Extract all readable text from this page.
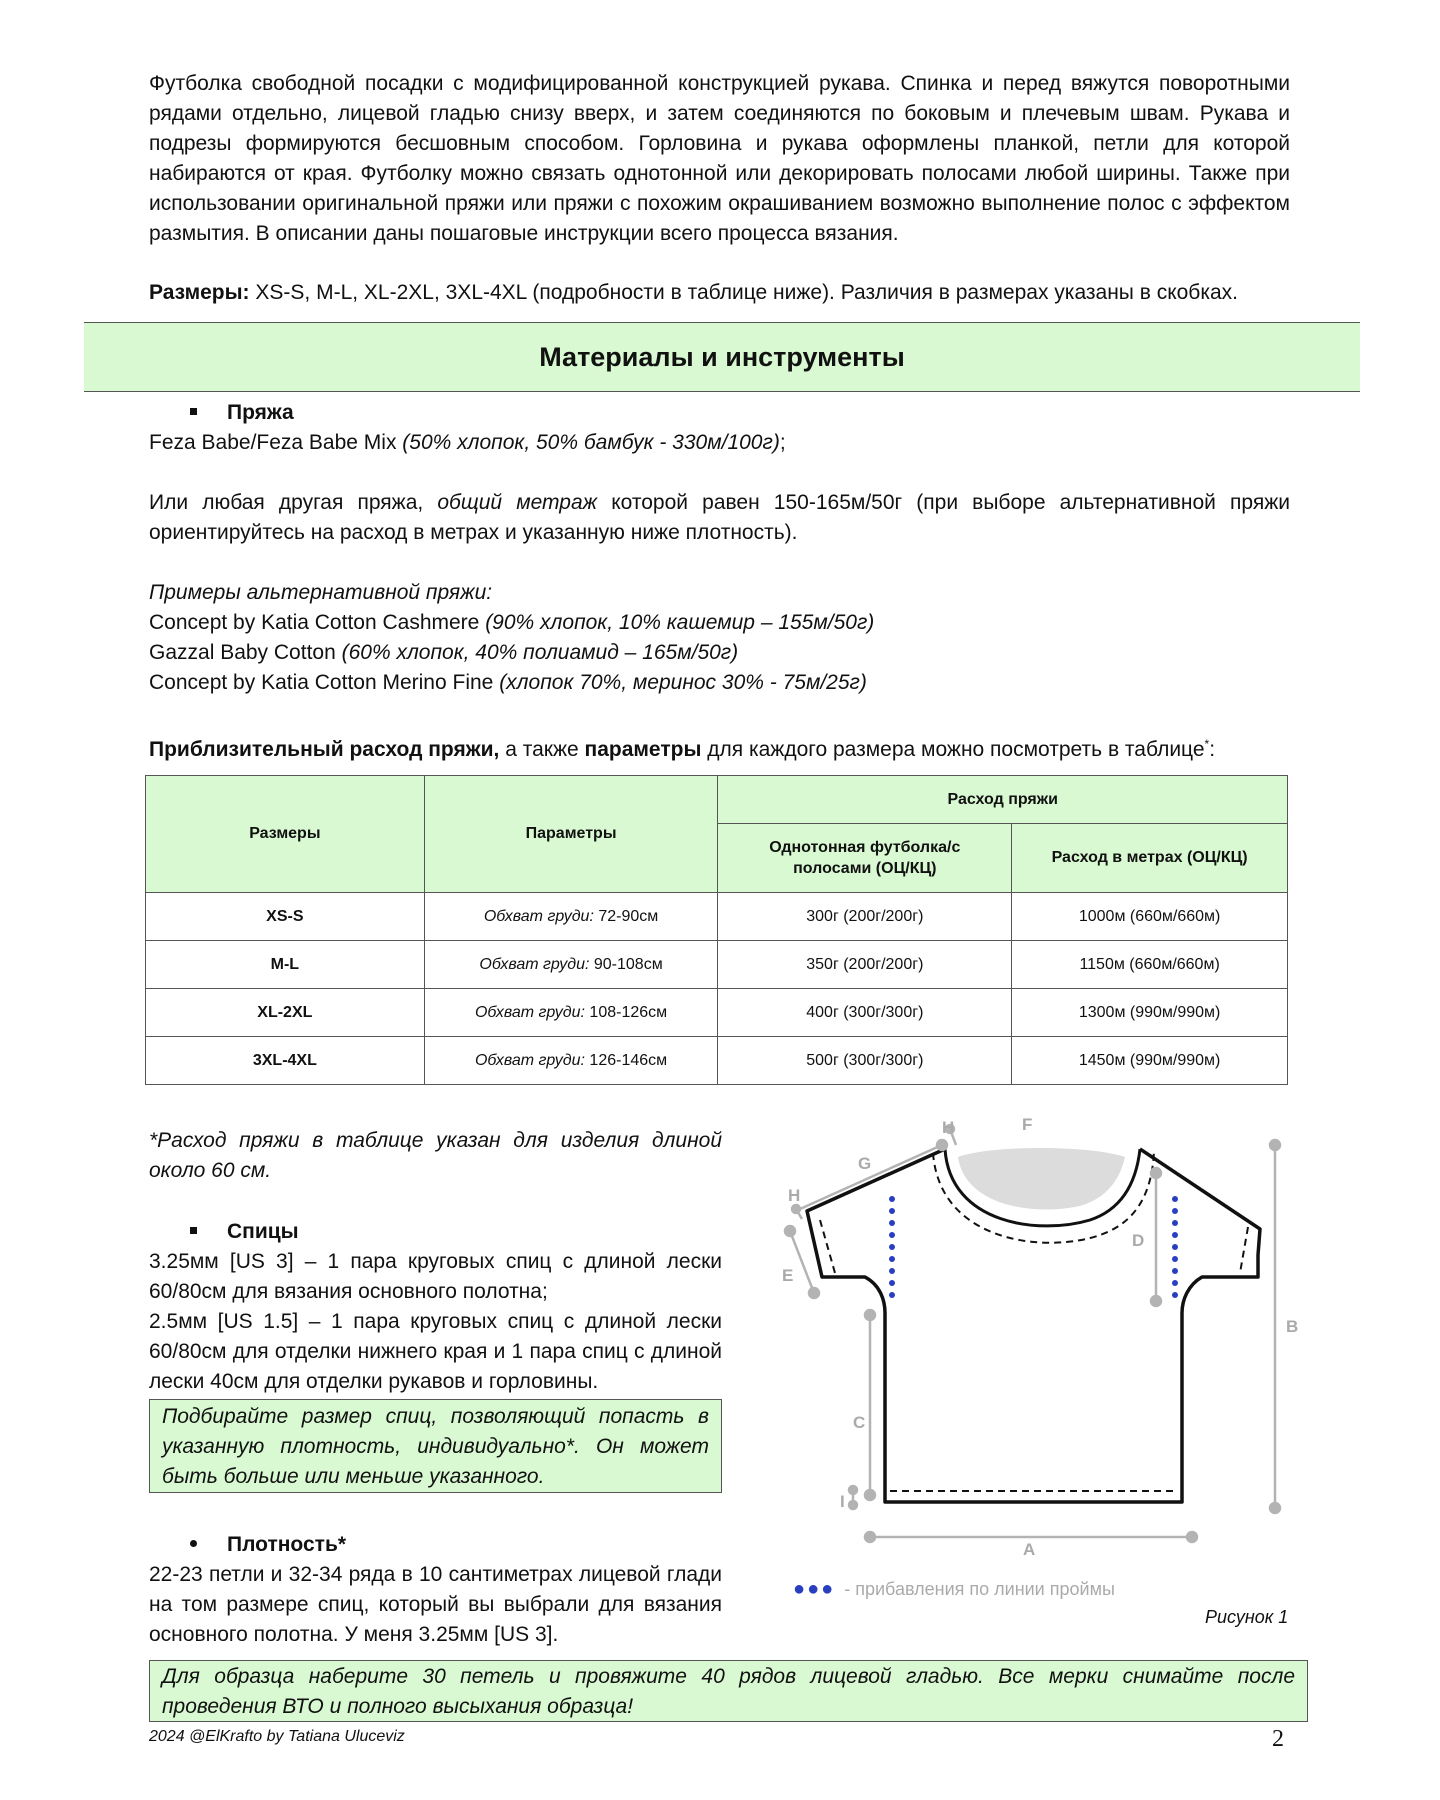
Футболка свободной посадки с модифицированной конструкцией рукава. Спинка и перед вяжутся поворотными рядами отдельно, лицевой гладью снизу вверх, и затем соединяются по боковым и плечевым швам. Рукава и подрезы формируются бесшовным способом. Горловина и рукава оформлены планкой, петли для которой набираются от края. Футболку можно связать однотонной или декорировать полосами любой ширины. Также при использовании оригинальной пряжи или пряжи с похожим окрашиванием возможно выполнение полос с эффектом размытия. В описании даны пошаговые инструкции всего процесса вязания.

Размеры: XS-S, M-L, XL-2XL, 3XL-4XL (подробности в таблице ниже). Различия в размерах указаны в скобках.
Материалы и инструменты
Пряжа
Feza Babe/Feza Babe Mix (50% хлопок, 50% бамбук - 330м/100г);
Или любая другая пряжа, общий метраж которой равен 150-165м/50г (при выборе альтернативной пряжи ориентируйтесь на расход в метрах и указанную ниже плотность).
Примеры альтернативной пряжи:
Concept by Katia Cotton Cashmere (90% хлопок, 10% кашемир – 155м/50г)
Gazzal Baby Cotton (60% хлопок, 40% полиамид – 165м/50г)
Concept by Katia Cotton Merino Fine (хлопок 70%, меринос 30% - 75м/25г)
Приблизительный расход пряжи, а также параметры для каждого размера можно посмотреть в таблице*:
Размеры	Параметры	Расход пряжи	
		Однотонная футболка/с полосами (ОЦ/КЦ)	Расход в метрах (ОЦ/КЦ)
XS-S	Обхват груди: 72-90см	300г (200г/200г)	1000м (660м/660м)
M-L	Обхват груди: 90-108см	350г (200г/200г)	1150м (660м/660м)
XL-2XL	Обхват груди: 108-126см	400г (300г/300г)	1300м (990м/990м)
3XL-4XL	Обхват груди: 126-146см	500г (300г/300г)	1450м (990м/990м)
*Расход пряжи в таблице указан для изделия длиной около 60 см.
Спицы
3.25мм [US 3] – 1 пара круговых спиц с длиной лески 60/80см для вязания основного полотна;
2.5мм [US 1.5] – 1 пара круговых спиц с длиной лески 60/80см для отделки нижнего края и 1 пара спиц с длиной лески 40см для отделки рукавов и горловины.
Подбирайте размер спиц, позволяющий попасть в указанную плотность, индивидуально*. Он может быть больше или меньше указанного.
Плотность*
22-23 петли и 32-34 ряда в 10 сантиметрах лицевой глади на том размере спиц, который вы выбрали для вязания основного полотна. У меня 3.25мм [US 3].
A
B
C
D
E
F
G
H
H
I
●●● - прибавления по линии проймы
Рисунок 1
Для образца наберите 30 петель и провяжите 40 рядов лицевой гладью. Все мерки снимайте после проведения ВТО и полного высыхания образца!
2024 @ElKrafto by Tatiana Uluceviz	2
